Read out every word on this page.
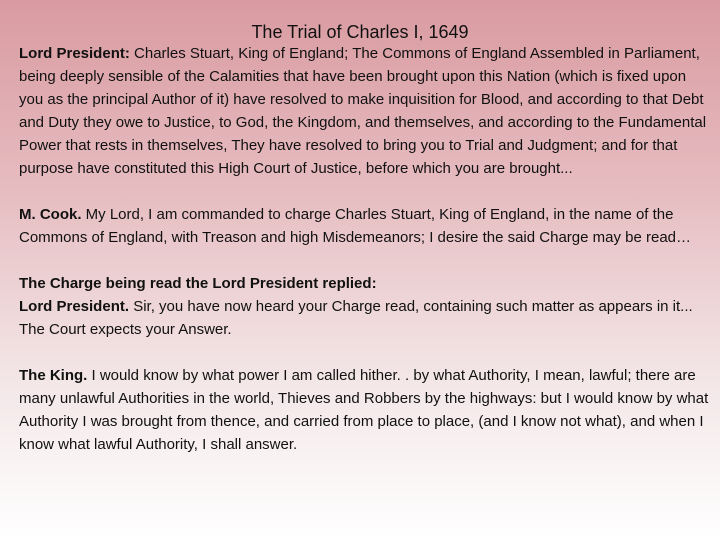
The Trial of Charles I, 1649

Lord President: Charles Stuart, King of England; The Commons of England Assembled in Parliament, being deeply sensible of the Calamities that have been brought upon this Nation (which is fixed upon you as the principal Author of it) have resolved to make inquisition for Blood, and according to that Debt and Duty they owe to Justice, to God, the Kingdom, and themselves, and according to the Fundamental Power that rests in themselves, They have resolved to bring you to Trial and Judgment; and for that purpose have constituted this High Court of Justice, before which you are brought...

M. Cook. My Lord, I am commanded to charge Charles Stuart, King of England, in the name of the Commons of England, with Treason and high Misdemeanors; I desire the said Charge may be read…

The Charge being read the Lord President replied:

Lord President. Sir, you have now heard your Charge read, containing such matter as appears in it... The Court expects your Answer.

The King. I would know by what power I am called hither. . by what Authority, I mean, lawful; there are many unlawful Authorities in the world, Thieves and Robbers by the highways: but I would know by what Authority I was brought from thence, and carried from place to place, (and I know not what), and when I know what lawful Authority, I shall answer.
